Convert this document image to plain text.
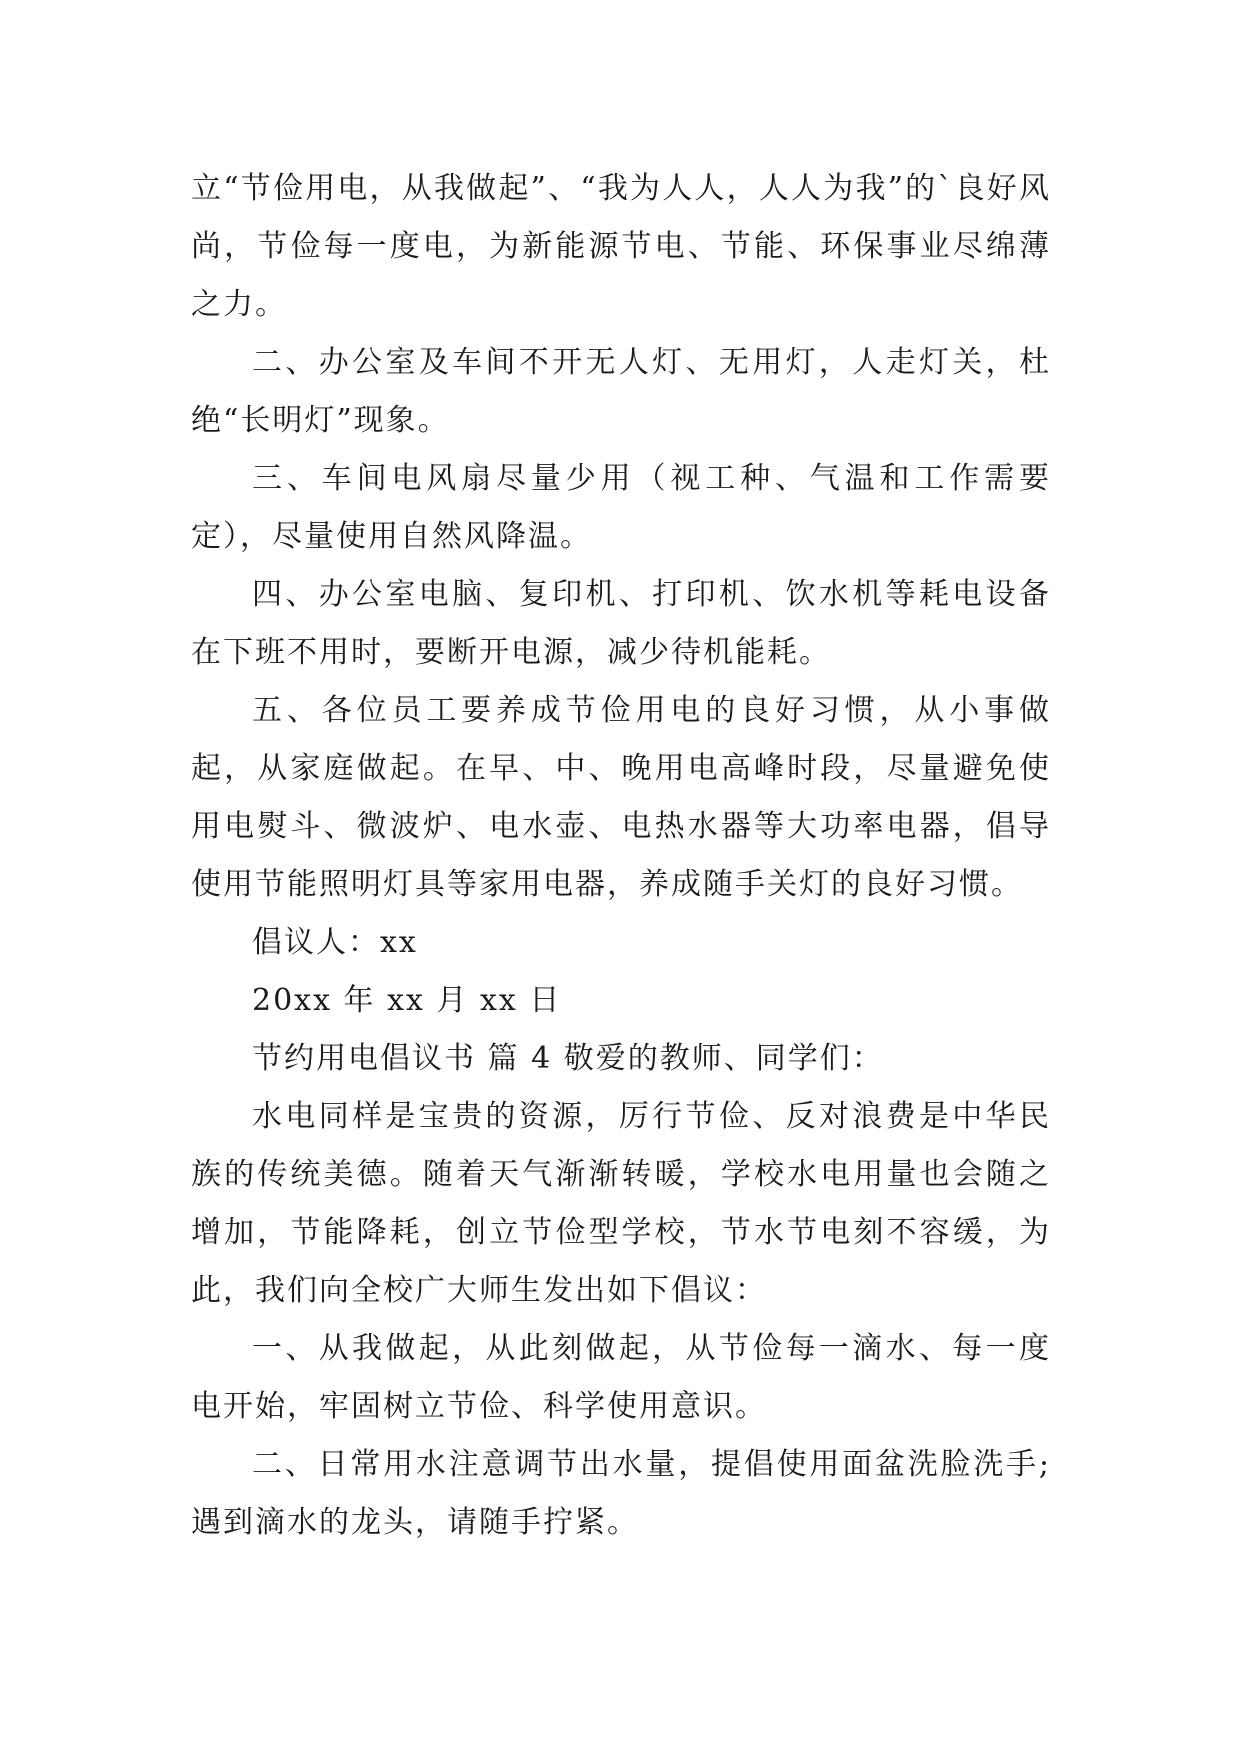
立“节俭用电，从我做起”、“我为人人，人人为我”的`良好风尚，节俭每一度电，为新能源节电、节能、环保事业尽绵薄之力。

二、办公室及车间不开无人灯、无用灯，人走灯关，杜绝“长明灯”现象。

三、车间电风扇尽量少用（视工种、气温和工作需要定），尽量使用自然风降温。

四、办公室电脑、复印机、打印机、饮水机等耗电设备在下班不用时，要断开电源，减少待机能耗。

五、各位员工要养成节俭用电的良好习惯，从小事做起，从家庭做起。在早、中、晚用电高峰时段，尽量避免使用电熨斗、微波炉、电水壶、电热水器等大功率电器，倡导使用节能照明灯具等家用电器，养成随手关灯的良好习惯。

倡议人：xx

20xx 年 xx 月 xx 日

节约用电倡议书 篇 4 敬爱的教师、同学们：

水电同样是宝贵的资源，厉行节俭、反对浪费是中华民族的传统美德。随着天气渐渐转暖，学校水电用量也会随之增加，节能降耗，创立节俭型学校，节水节电刻不容缓，为此，我们向全校广大师生发出如下倡议：

一、从我做起，从此刻做起，从节俭每一滴水、每一度电开始，牢固树立节俭、科学使用意识。

二、日常用水注意调节出水量，提倡使用面盆洗脸洗手;遇到滴水的龙头，请随手拧紧。
